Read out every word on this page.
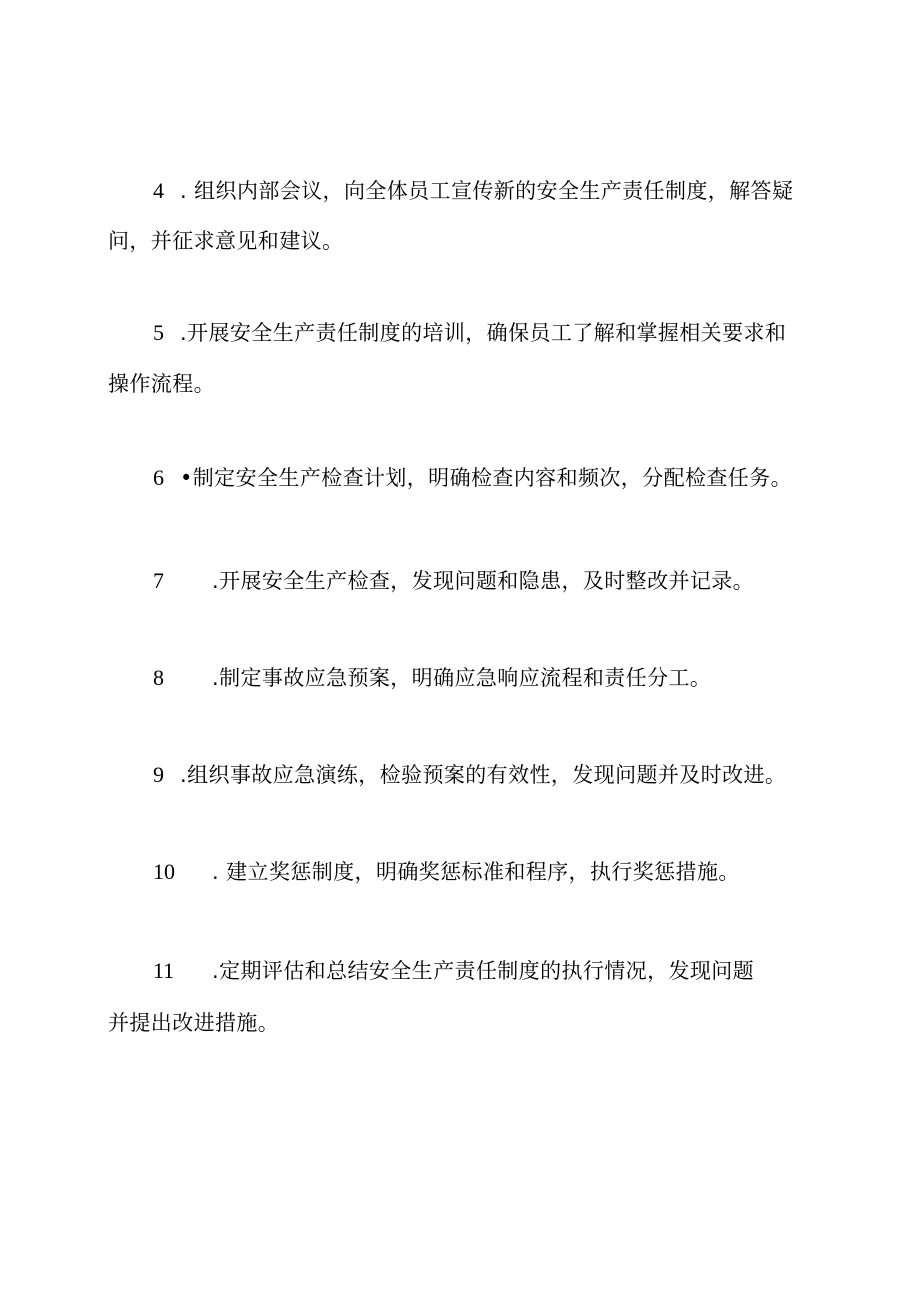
4 . 组织内部会议，向全体员工宣传新的安全生产责任制度，解答疑
问，并征求意见和建议。
5 .开展安全生产责任制度的培训，确保员工了解和掌握相关要求和
操作流程。
6 •制定安全生产检查计划，明确检查内容和频次，分配检查任务。
7 .开展安全生产检查，发现问题和隐患，及时整改并记录。
8 .制定事故应急预案，明确应急响应流程和责任分工。
9 .组织事故应急演练，检验预案的有效性，发现问题并及时改进。
10 . 建立奖惩制度，明确奖惩标准和程序，执行奖惩措施。
11 .定期评估和总结安全生产责任制度的执行情况，发现问题
并提出改进措施。
